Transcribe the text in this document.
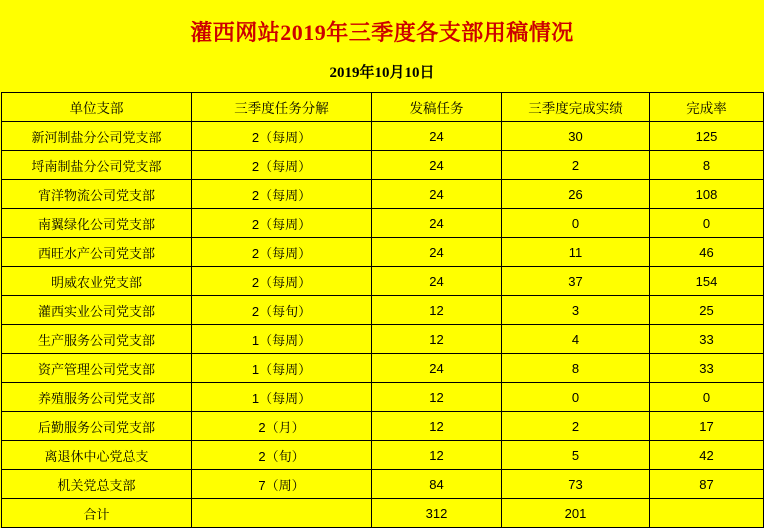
灌西网站2019年三季度各支部用稿情况
2019年10月10日
单位支部	三季度任务分解	发稿任务	三季度完成实绩	完成率
新河制盐分公司党支部	2（每周）	24	30	125
埒南制盐分公司党支部	2（每周）	24	2	8
宵洋物流公司党支部	2（每周）	24	26	108
南翼绿化公司党支部	2（每周）	24	0	0
西旺水产公司党支部	2（每周）	24	11	46
明威农业党支部	2（每周）	24	37	154
灌西实业公司党支部	2（每旬）	12	3	25
生产服务公司党支部	1（每周）	12	4	33
资产管理公司党支部	1（每周）	24	8	33
养殖服务公司党支部	1（每周）	12	0	0
后勤服务公司党支部	2（月）	12	2	17
离退休中心党总支	2（旬）	12	5	42
机关党总支部	7（周）	84	73	87
合计		312	201	
